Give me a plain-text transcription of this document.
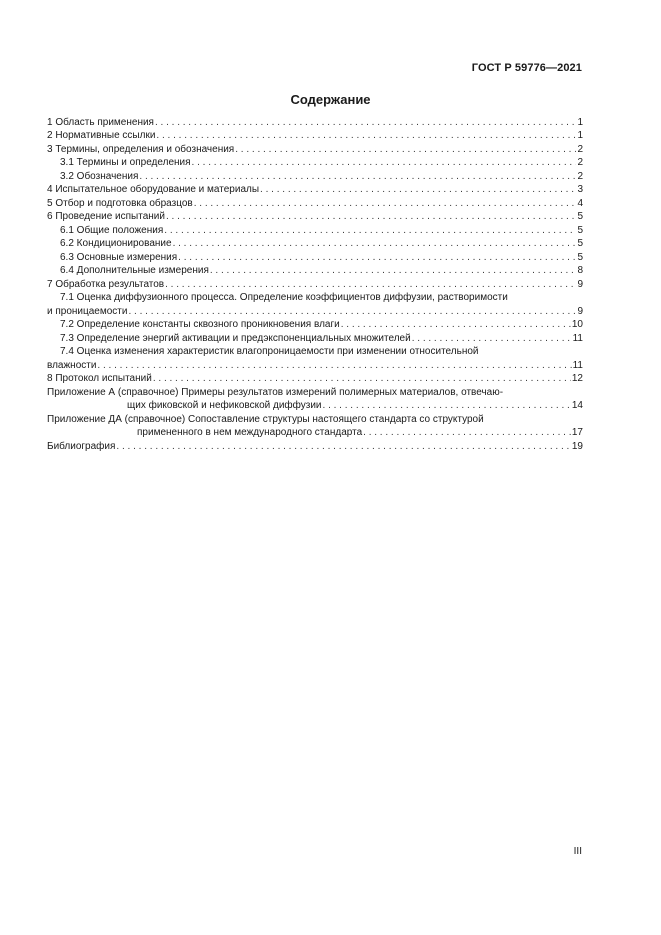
ГОСТ Р 59776—2021
Содержание
1 Область применения . . .	1
2 Нормативные ссылки . . .	1
3 Термины, определения и обозначения . . .	2
3.1 Термины и определения . . .	2
3.2 Обозначения . . .	2
4 Испытательное оборудование и материалы . . .	3
5 Отбор и подготовка образцов . . .	4
6 Проведение испытаний . . .	5
6.1 Общие положения . . .	5
6.2 Кондиционирование . . .	5
6.3 Основные измерения . . .	5
6.4 Дополнительные измерения . . .	8
7 Обработка результатов . . .	9
7.1 Оценка диффузионного процесса. Определение коэффициентов диффузии, растворимости
и проницаемости . . .	9
7.2 Определение константы сквозного проникновения влаги . . .	10
7.3 Определение энергий активации и предэкспоненциальных множителей . . .	11
7.4 Оценка изменения характеристик влагопроницаемости при изменении относительной
влажности . . .	11
8 Протокол испытаний . . .	12
Приложение А (справочное) Примеры результатов измерений полимерных материалов, отвечаю-
щих фиковской и нефиковской диффузии . . .	14
Приложение ДА (справочное) Сопоставление структуры настоящего стандарта со структурой
примененного в нем международного стандарта . . .	17
Библиография . . .	19
III
